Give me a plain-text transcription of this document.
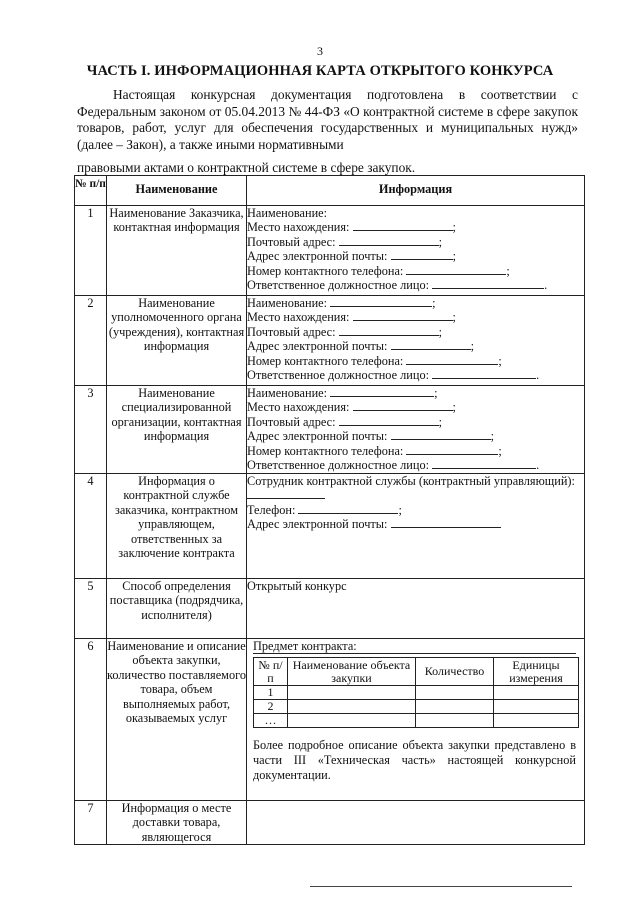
3
ЧАСТЬ I. ИНФОРМАЦИОННАЯ КАРТА ОТКРЫТОГО КОНКУРСА

Настоящая конкурсная документация подготовлена в соответствии с Федеральным законом от 05.04.2013 № 44-ФЗ «О контрактной системе в сфере закупок товаров, работ, услуг для обеспечения государственных и муниципальных нужд» (далее – Закон), а также иными нормативными

правовыми актами о контрактной системе в сфере закупок.
№ п/п	Наименование	Информация
1	Наименование Заказчика, контактная информация	
Наименование:
Место нахождения:	;
Почтовый адрес:	;
Адрес электронной почты:	;
Номер контактного телефона:	;
Ответственное должностное лицо:	.

2	Наименование уполномоченного органа (учреждения), контактная информация	
Наименование:	;
Место нахождения:	;
Почтовый адрес:	;
Адрес электронной почты:	;
Номер контактного телефона:	;
Ответственное должностное лицо:	.

3	Наименование специализированной организации, контактная информация	
Наименование:	;
Место нахождения:	;
Почтовый адрес:	;
Адрес электронной почты:	;
Номер контактного телефона:	;
Ответственное должностное лицо:	.

4	Информация о контрактной службе заказчика, контрактном управляющем, ответственных за заключение контракта	
Сотрудник контрактной службы (контрактный управляющий):
Телефон:	;
Адрес электронной почты:

5	Способ определения поставщика (подрядчика, исполнителя)	Открытый конкурс
6	Наименование и описание объекта закупки, количество поставляемого товара, объем выполняемых работ, оказываемых услуг	
Предмет контракта:
№ п/п	Наименование объекта закупки	Количество	Единицы измерения
1			
2			
…			
Более подробное описание объекта закупки представлено в части III «Техническая часть» настоящей конкурсной документации.

7	Информация о месте доставки товара, являющегося	
